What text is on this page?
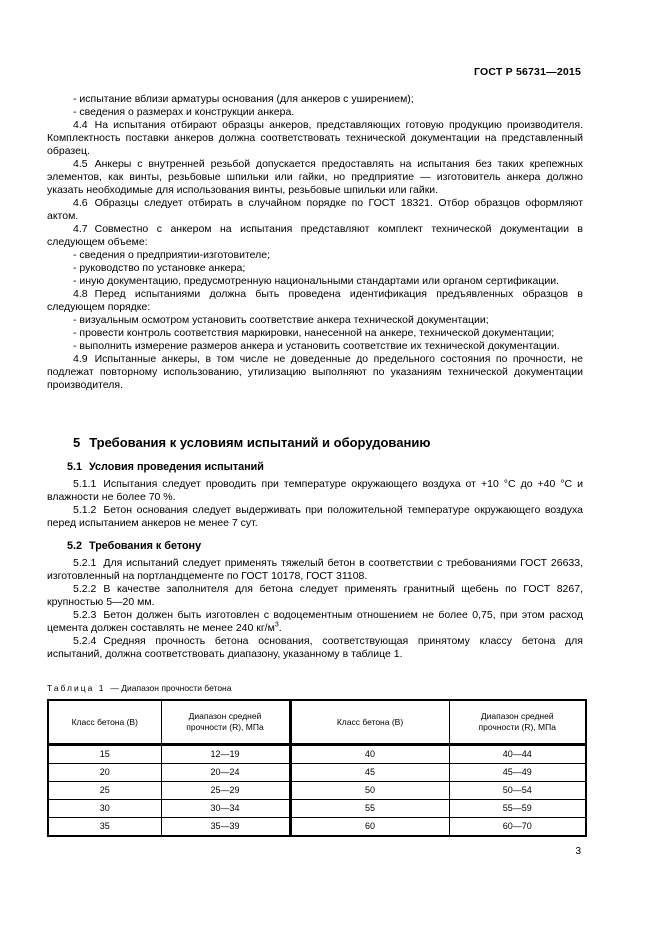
ГОСТ Р 56731—2015

- испытание вблизи арматуры основания (для анкеров с уширением);

- сведения о размерах и конструкции анкера.

4.4 На испытания отбирают образцы анкеров, представляющих готовую продукцию производителя. Комплектность поставки анкеров должна соответствовать технической документации на представленный образец.

4.5 Анкеры с внутренней резьбой допускается предоставлять на испытания без таких крепежных элементов, как винты, резьбовые шпильки или гайки, но предприятие — изготовитель анкера должно указать необходимые для использования винты, резьбовые шпильки или гайки.

4.6 Образцы следует отбирать в случайном порядке по ГОСТ 18321. Отбор образцов оформляют актом.

4.7 Совместно с анкером на испытания представляют комплект технической документации в следующем объеме:

- сведения о предприятии-изготовителе;

- руководство по установке анкера;

- иную документацию, предусмотренную национальными стандартами или органом сертификации.

4.8 Перед испытаниями должна быть проведена идентификация предъявленных образцов в следующем порядке:

- визуальным осмотром установить соответствие анкера технической документации;

- провести контроль соответствия маркировки, нанесенной на анкере, технической документации;

- выполнить измерение размеров анкера и установить соответствие их технической документации.

4.9 Испытанные анкеры, в том числе не доведенные до предельного состояния по прочности, не подлежат повторному использованию, утилизацию выполняют по указаниям технической документации производителя.

5 Требования к условиям испытаний и оборудованию

5.1 Условия проведения испытаний

5.1.1 Испытания следует проводить при температуре окружающего воздуха от +10 °С до +40 °С и влажности не более 70 %.

5.1.2 Бетон основания следует выдерживать при положительной температуре окружающего воздуха перед испытанием анкеров не менее 7 сут.

5.2 Требования к бетону

5.2.1 Для испытаний следует применять тяжелый бетон в соответствии с требованиями ГОСТ 26633, изготовленный на портландцементе по ГОСТ 10178, ГОСТ 31108.

5.2.2 В качестве заполнителя для бетона следует применять гранитный щебень по ГОСТ 8267, крупностью 5—20 мм.

5.2.3 Бетон должен быть изготовлен с водоцементным отношением не более 0,75, при этом расход цемента должен составлять не менее 240 $кг/м^3$.

5.2.4 Средняя прочность бетона основания, соответствующая принятому классу бетона для испытаний, должна соответствовать диапазону, указанному в таблице 1.

Таблица 1 — Диапазон прочности бетона

Класс бетона (В)	Диапазон средней прочности (R), МПа	Класс бетона (В)	Диапазон средней прочности (R), МПа
15	12—19	40	40—44
20	20—24	45	45—49
25	25—29	50	50—54
30	30—34	55	55—59
35	35—39	60	60—70
3
